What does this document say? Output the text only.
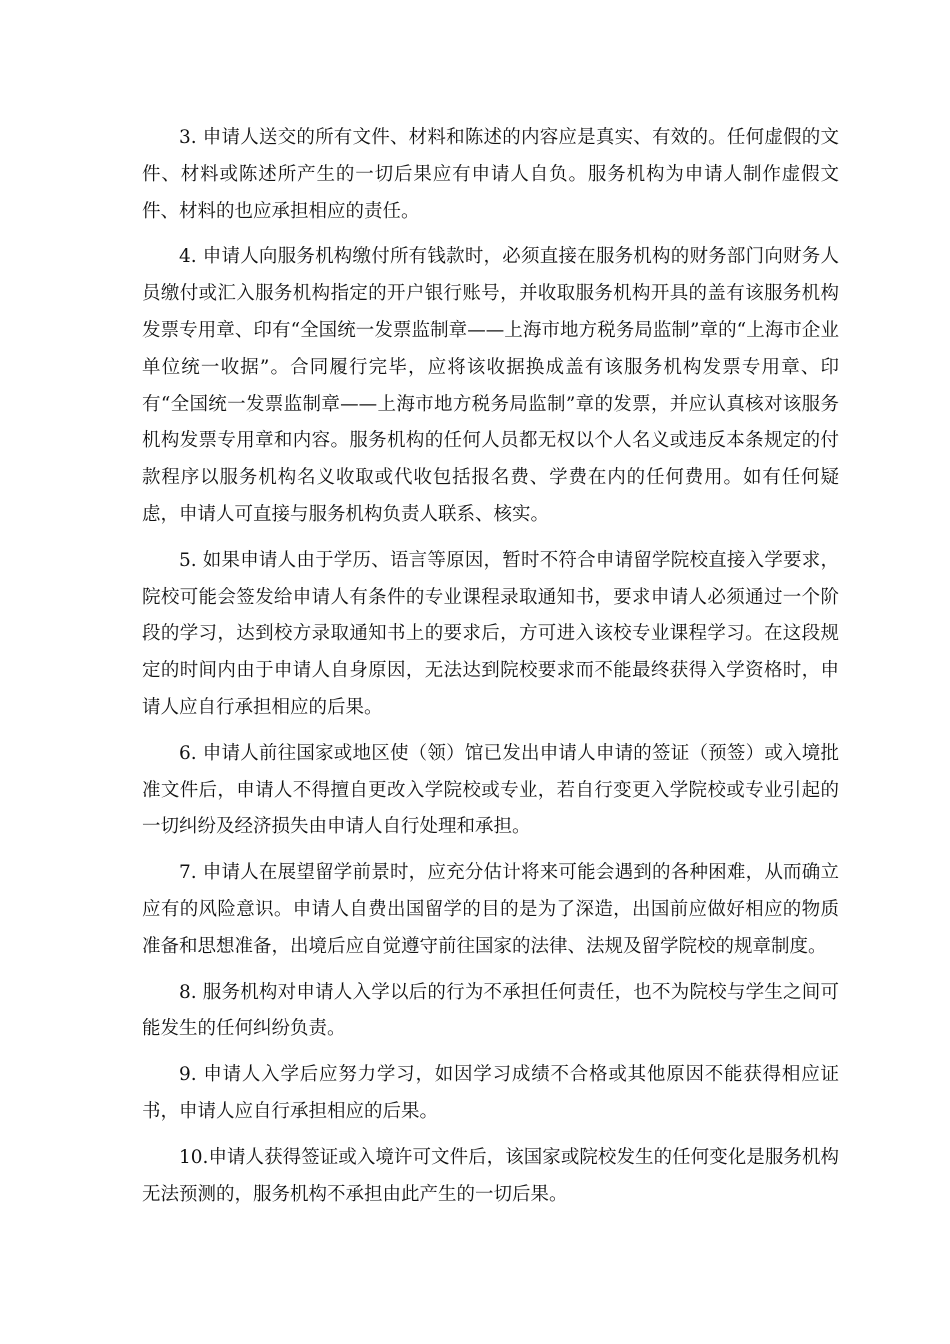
3. 申请人送交的所有文件、材料和陈述的内容应是真实、有效的。任何虚假的文件、材料或陈述所产生的一切后果应有申请人自负。服务机构为申请人制作虚假文件、材料的也应承担相应的责任。

4. 申请人向服务机构缴付所有钱款时，必须直接在服务机构的财务部门向财务人员缴付或汇入服务机构指定的开户银行账号，并收取服务机构开具的盖有该服务机构发票专用章、印有“全国统一发票监制章——上海市地方税务局监制”章的“上海市企业单位统一收据”。合同履行完毕，应将该收据换成盖有该服务机构发票专用章、印有“全国统一发票监制章——上海市地方税务局监制”章的发票，并应认真核对该服务机构发票专用章和内容。服务机构的任何人员都无权以个人名义或违反本条规定的付款程序以服务机构名义收取或代收包括报名费、学费在内的任何费用。如有任何疑虑，申请人可直接与服务机构负责人联系、核实。

5. 如果申请人由于学历、语言等原因，暂时不符合申请留学院校直接入学要求，院校可能会签发给申请人有条件的专业课程录取通知书，要求申请人必须通过一个阶段的学习，达到校方录取通知书上的要求后，方可进入该校专业课程学习。在这段规定的时间内由于申请人自身原因，无法达到院校要求而不能最终获得入学资格时，申请人应自行承担相应的后果。

6. 申请人前往国家或地区使（领）馆已发出申请人申请的签证（预签）或入境批准文件后，申请人不得擅自更改入学院校或专业，若自行变更入学院校或专业引起的一切纠纷及经济损失由申请人自行处理和承担。

7. 申请人在展望留学前景时，应充分估计将来可能会遇到的各种困难，从而确立应有的风险意识。申请人自费出国留学的目的是为了深造，出国前应做好相应的物质准备和思想准备，出境后应自觉遵守前往国家的法律、法规及留学院校的规章制度。

8. 服务机构对申请人入学以后的行为不承担任何责任，也不为院校与学生之间可能发生的任何纠纷负责。

9. 申请人入学后应努力学习，如因学习成绩不合格或其他原因不能获得相应证书，申请人应自行承担相应的后果。

10.申请人获得签证或入境许可文件后，该国家或院校发生的任何变化是服务机构无法预测的，服务机构不承担由此产生的一切后果。
